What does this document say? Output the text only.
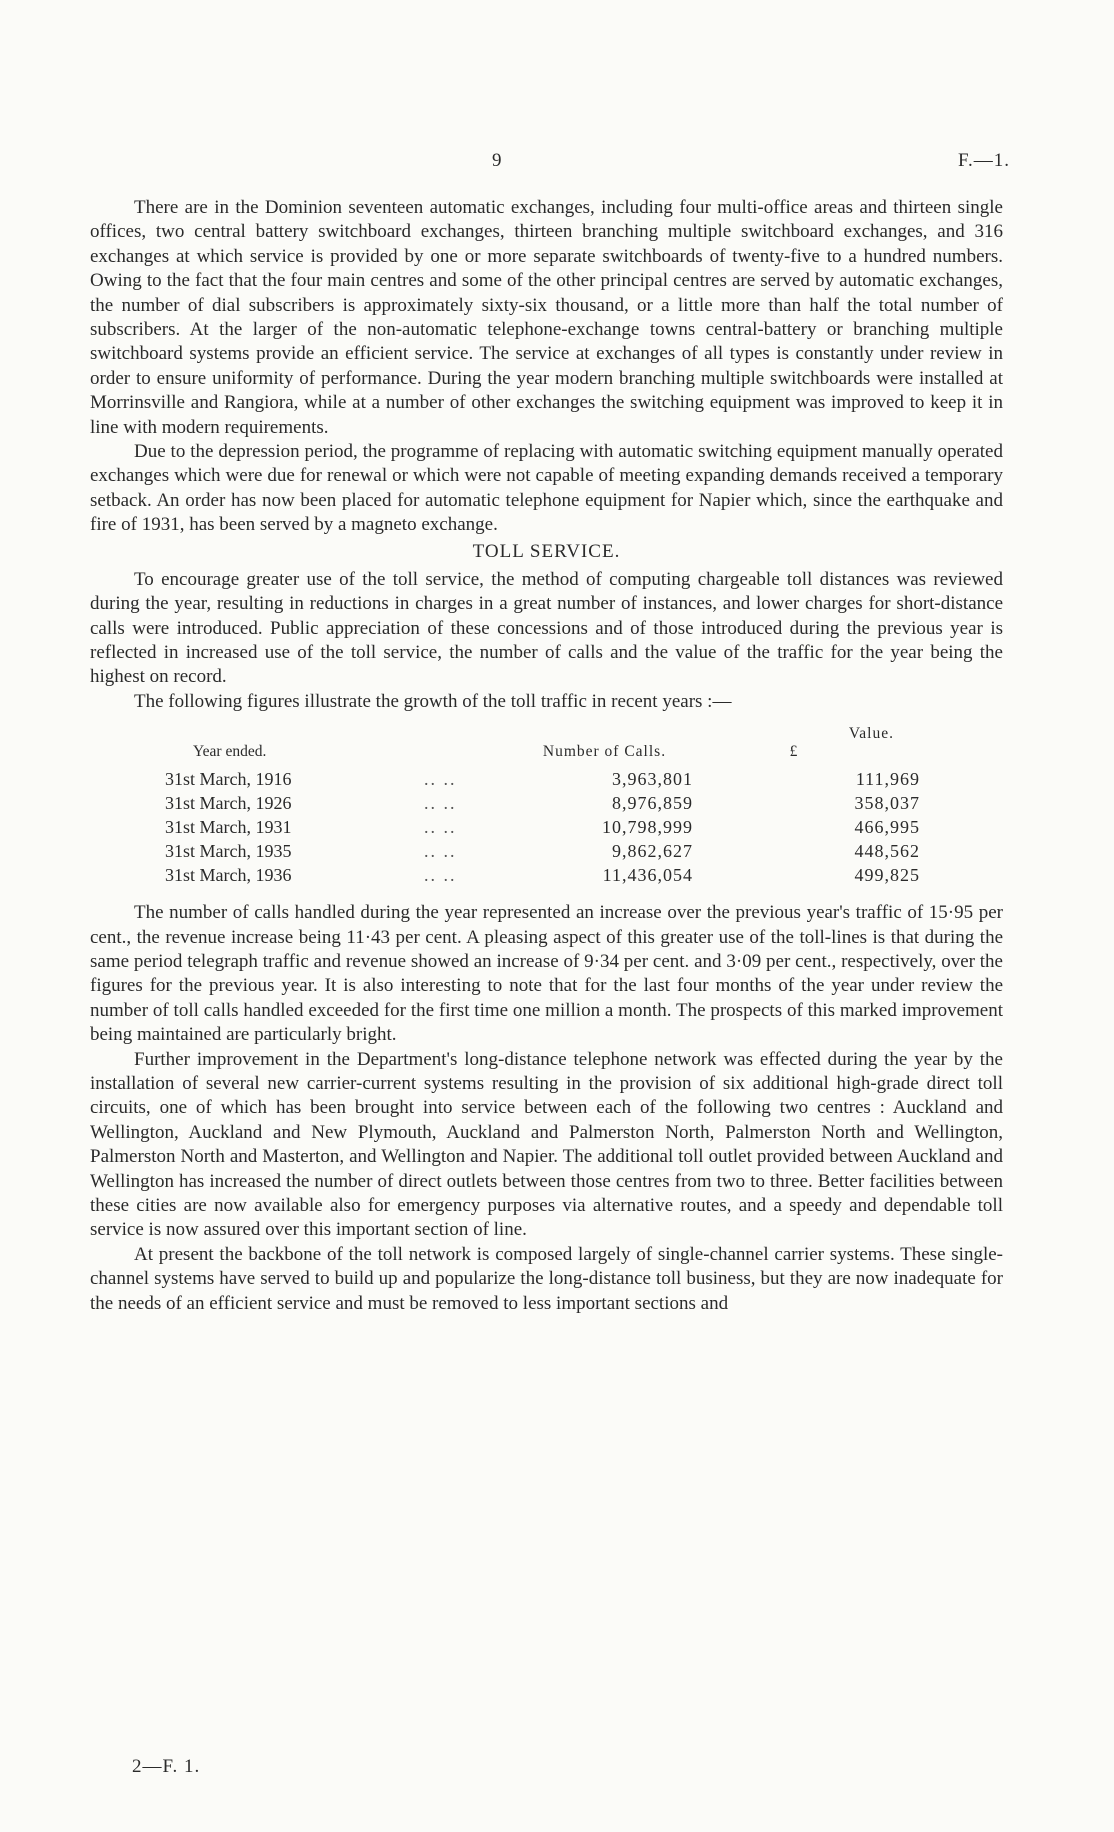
9	F.—1.

There are in the Dominion seventeen automatic exchanges, including four multi-office areas and thirteen single offices, two central battery switchboard exchanges, thirteen branching multiple switchboard exchanges, and 316 exchanges at which service is provided by one or more separate switchboards of twenty-five to a hundred numbers. Owing to the fact that the four main centres and some of the other principal centres are served by automatic exchanges, the number of dial subscribers is approximately sixty-six thousand, or a little more than half the total number of subscribers. At the larger of the non-automatic telephone-exchange towns central-battery or branching multiple switchboard systems provide an efficient service. The service at exchanges of all types is constantly under review in order to ensure uniformity of performance. During the year modern branching multiple switchboards were installed at Morrinsville and Rangiora, while at a number of other exchanges the switching equipment was improved to keep it in line with modern requirements.

Due to the depression period, the programme of replacing with automatic switching equipment manually operated exchanges which were due for renewal or which were not capable of meeting expanding demands received a temporary setback. An order has now been placed for automatic telephone equipment for Napier which, since the earthquake and fire of 1931, has been served by a magneto exchange.

TOLL SERVICE.

To encourage greater use of the toll service, the method of computing chargeable toll distances was reviewed during the year, resulting in reductions in charges in a great number of instances, and lower charges for short-distance calls were introduced. Public appreciation of these concessions and of those introduced during the previous year is reflected in increased use of the toll service, the number of calls and the value of the traffic for the year being the highest on record.

The following figures illustrate the growth of the toll traffic in recent years :—

Year ended.		Number of Calls.	Value.
£

31st March, 1916	.. ..	3,963,801	111,969
31st March, 1926	.. ..	8,976,859	358,037
31st March, 1931	.. ..	10,798,999	466,995
31st March, 1935	.. ..	9,862,627	448,562
31st March, 1936	.. ..	11,436,054	499,825

The number of calls handled during the year represented an increase over the previous year's traffic of 15·95 per cent., the revenue increase being 11·43 per cent. A pleasing aspect of this greater use of the toll-lines is that during the same period telegraph traffic and revenue showed an increase of 9·34 per cent. and 3·09 per cent., respectively, over the figures for the previous year. It is also interesting to note that for the last four months of the year under review the number of toll calls handled exceeded for the first time one million a month. The prospects of this marked improvement being maintained are particularly bright.

Further improvement in the Department's long-distance telephone network was effected during the year by the installation of several new carrier-current systems resulting in the provision of six additional high-grade direct toll circuits, one of which has been brought into service between each of the following two centres : Auckland and Wellington, Auckland and New Plymouth, Auckland and Palmerston North, Palmerston North and Wellington, Palmerston North and Masterton, and Wellington and Napier. The additional toll outlet provided between Auckland and Wellington has increased the number of direct outlets between those centres from two to three. Better facilities between these cities are now available also for emergency purposes via alternative routes, and a speedy and dependable toll service is now assured over this important section of line.

At present the backbone of the toll network is composed largely of single-channel carrier systems. These single-channel systems have served to build up and popularize the long-distance toll business, but they are now inadequate for the needs of an efficient service and must be removed to less important sections and

2—F. 1.
